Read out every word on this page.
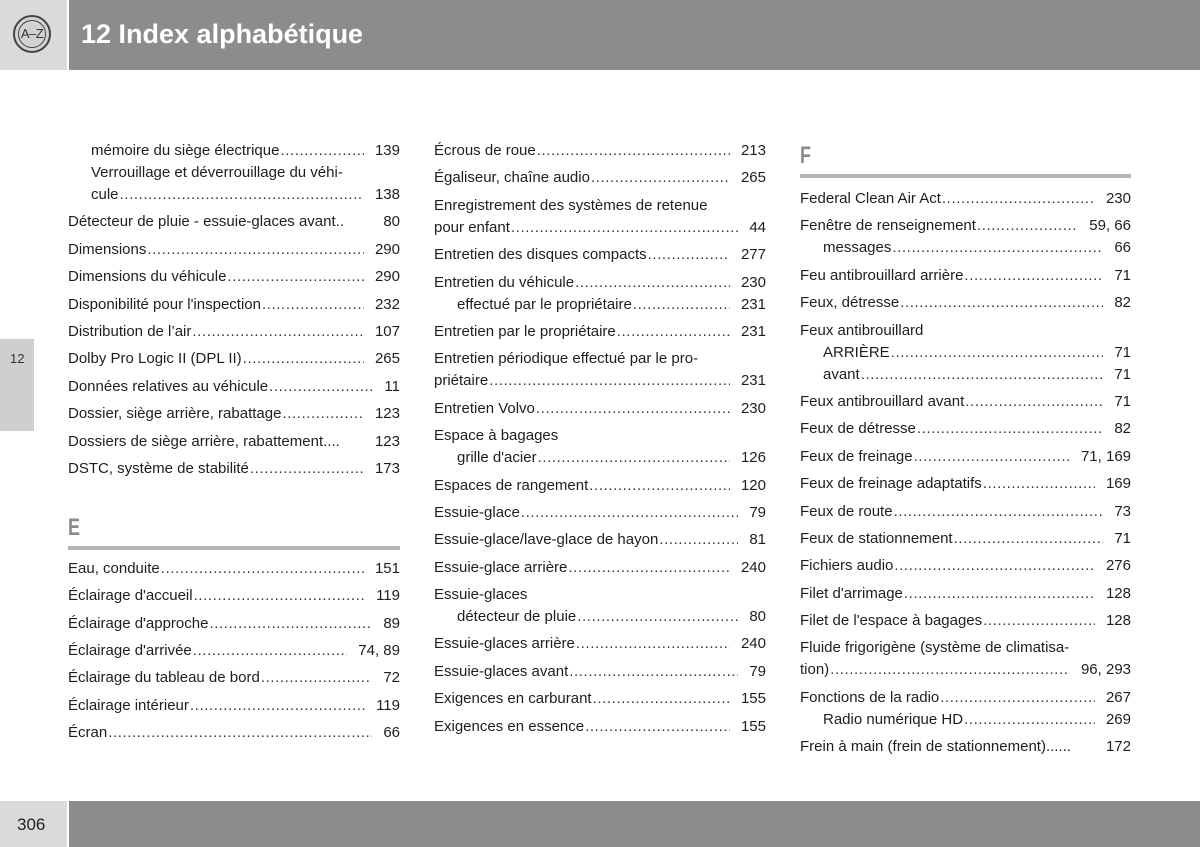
A–Z 12 Index alphabétique
12
mémoire du siège électrique .....	139
Verrouillage et déverrouillage du véhi-
cule .....	138
Détecteur de pluie - essuie-glaces avant..	80
Dimensions .....	290
Dimensions du véhicule .....	290
Disponibilité pour l'inspection .....	232
Distribution de l’air .....	107
Dolby Pro Logic II (DPL II) .....	265
Données relatives au véhicule .....	11
Dossier, siège arrière, rabattage .....	123
Dossiers de siège arrière, rabattement.... 123
DSTC, système de stabilité .....	173
E
Eau, conduite .....	151
Éclairage d'accueil .....	119
Éclairage d'approche .....	89
Éclairage d'arrivée .....	74, 89
Éclairage du tableau de bord .....	72
Éclairage intérieur .....	119
Écran .....	66
Écrous de roue .....	213
Égaliseur, chaîne audio .....	265
Enregistrement des systèmes de retenue
pour enfant .....	44
Entretien des disques compacts .....	277
Entretien du véhicule .....	230
effectué par le propriétaire .....	231
Entretien par le propriétaire .....	231
Entretien périodique effectué par le pro-
priétaire .....	231
Entretien Volvo .....	230
Espace à bagages
grille d'acier .....	126
Espaces de rangement .....	120
Essuie-glace .....	79
Essuie-glace/lave-glace de hayon .....	81
Essuie-glace arrière .....	240
Essuie-glaces
détecteur de pluie .....	80
Essuie-glaces arrière .....	240
Essuie-glaces avant .....	79
Exigences en carburant .....	155
Exigences en essence .....	155
F
Federal Clean Air Act .....	230
Fenêtre de renseignement .....	59, 66
messages .....	66
Feu antibrouillard arrière .....	71
Feux, détresse .....	82
Feux antibrouillard
ARRIÈRE .....	71
avant .....	71
Feux antibrouillard avant .....	71
Feux de détresse .....	82
Feux de freinage .....	71, 169
Feux de freinage adaptatifs .....	169
Feux de route .....	73
Feux de stationnement .....	71
Fichiers audio .....	276
Filet d'arrimage .....	128
Filet de l'espace à bagages .....	128
Fluide frigorigène (système de climatisa-
tion) .....	96, 293
Fonctions de la radio .....	267
Radio numérique HD .....	269
Frein à main (frein de stationnement)...... 172
306
